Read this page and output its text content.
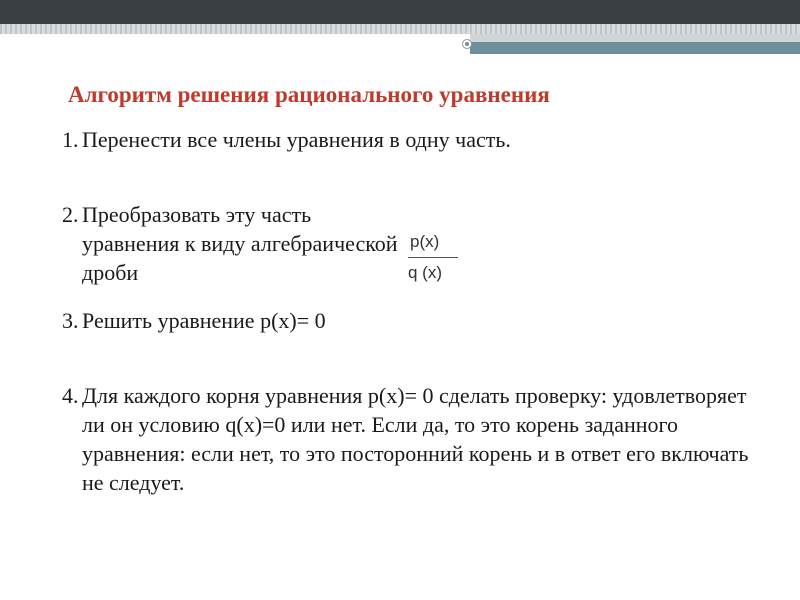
Алгоритм решения рационального уравнения
1. Перенести все члены уравнения в одну часть.
2. Преобразовать эту часть уравнения к виду алгебраической дроби
p(x)
q (x)
3. Решить уравнение p(x)= 0
4. Для каждого корня уравнения p(x)= 0 сделать проверку: удовлетворяет ли он условию q(x)=0 или нет. Если да, то это корень заданного уравнения: если нет, то это посторонний корень и в ответ его включать не следует.
